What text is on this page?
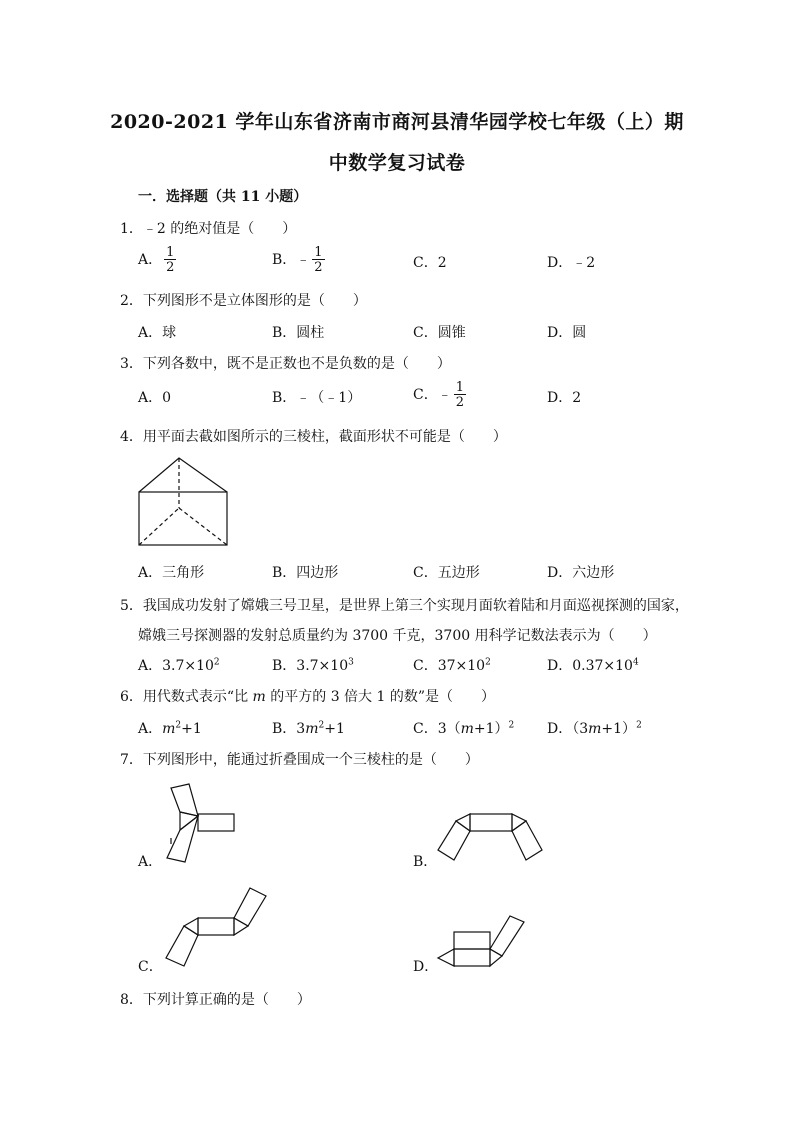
2020-2021 学年山东省济南市商河县清华园学校七年级（上）期
中数学复习试卷
一．选择题（共 11 小题）
1．﹣2 的绝对值是（　　）
A． $\frac{1}{2}$	B．﹣ $\frac{1}{2}$	C．2	D．﹣2
2．下列图形不是立体图形的是（　　）
A．球	B．圆柱	C．圆锥	D．圆
3．下列各数中，既不是正数也不是负数的是（　　）
A．0	B．﹣（﹣1）	C．﹣ $\frac{1}{2}$	D．2
4．用平面去截如图所示的三棱柱，截面形状不可能是（　　）
A．三角形	B．四边形	C．五边形	D．六边形
5．我国成功发射了嫦娥三号卫星，是世界上第三个实现月面软着陆和月面巡视探测的国家，
嫦娥三号探测器的发射总质量约为 3700 千克，3700 用科学记数法表示为（　　）
A．$3.7\times 10^2$	B．$3.7\times 10^3$	C．$37\times 10^2$	D．$0.37\times 10^4$
6．用代数式表示“比 m 的平方的 3 倍大 1 的数”是（　　）
A．$m^2+1$	B．$3m^2+1$	C．$3(m+1)^2$ D．$(3m+1)^2$
7．下列图形中，能通过折叠围成一个三棱柱的是（　　）
A．	B．
C．	D．
8．下列计算正确的是（　　）
